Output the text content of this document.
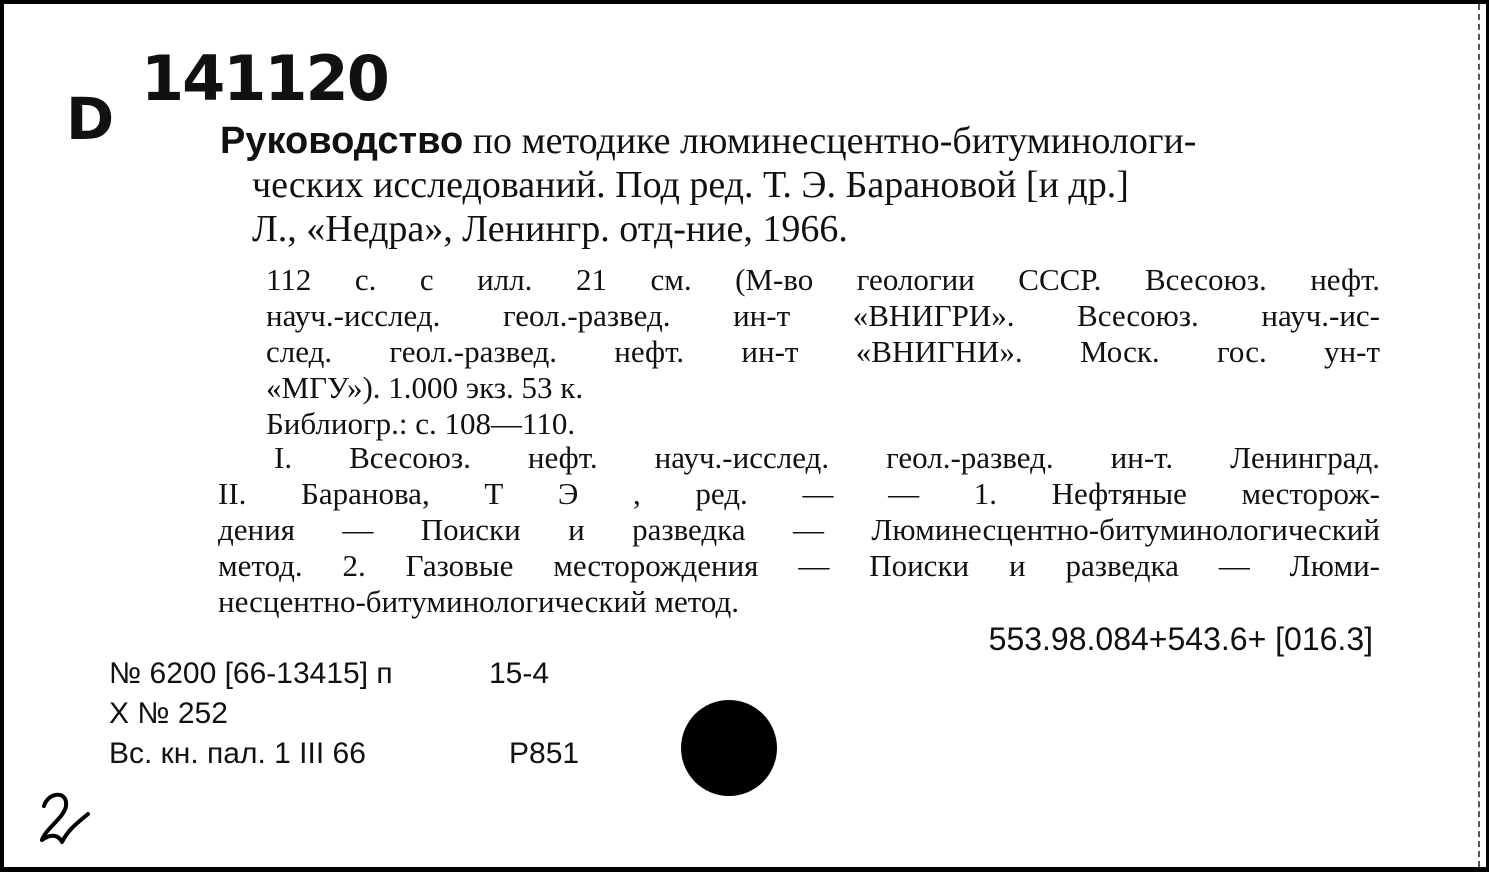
D
141120
Руководство по методике люминесцентно-битуминологи-
ческих исследований. Под ред. Т. Э. Барановой [и др.]
Л., «Недра», Ленингр. отд-ние, 1966.
112 с. с илл. 21 см. (М-во геологии СССР. Всесоюз. нефт.
науч.-исслед. геол.-развед. ин-т «ВНИГРИ». Всесоюз. науч.-ис-
след. геол.-развед. нефт. ин-т «ВНИГНИ». Моск. гос. ун-т
«МГУ»). 1.000 экз. 53 к.
Библиогр.: с. 108—110.
I. Всесоюз. нефт. науч.-исслед. геол.-развед. ин-т. Ленинград.
II. Баранова, Т Э , ред. — — 1. Нефтяные месторож-
дения — Поиски и разведка — Люминесцентно-битуминологический
метод. 2. Газовые месторождения — Поиски и разведка — Люми-
несцентно-битуминологический метод.
553.98.084+543.6+ [016.3]
№ 6200 [66-13415] п	15-4
Х № 252
Вс. кн. пал. 1 III 66	Р851
